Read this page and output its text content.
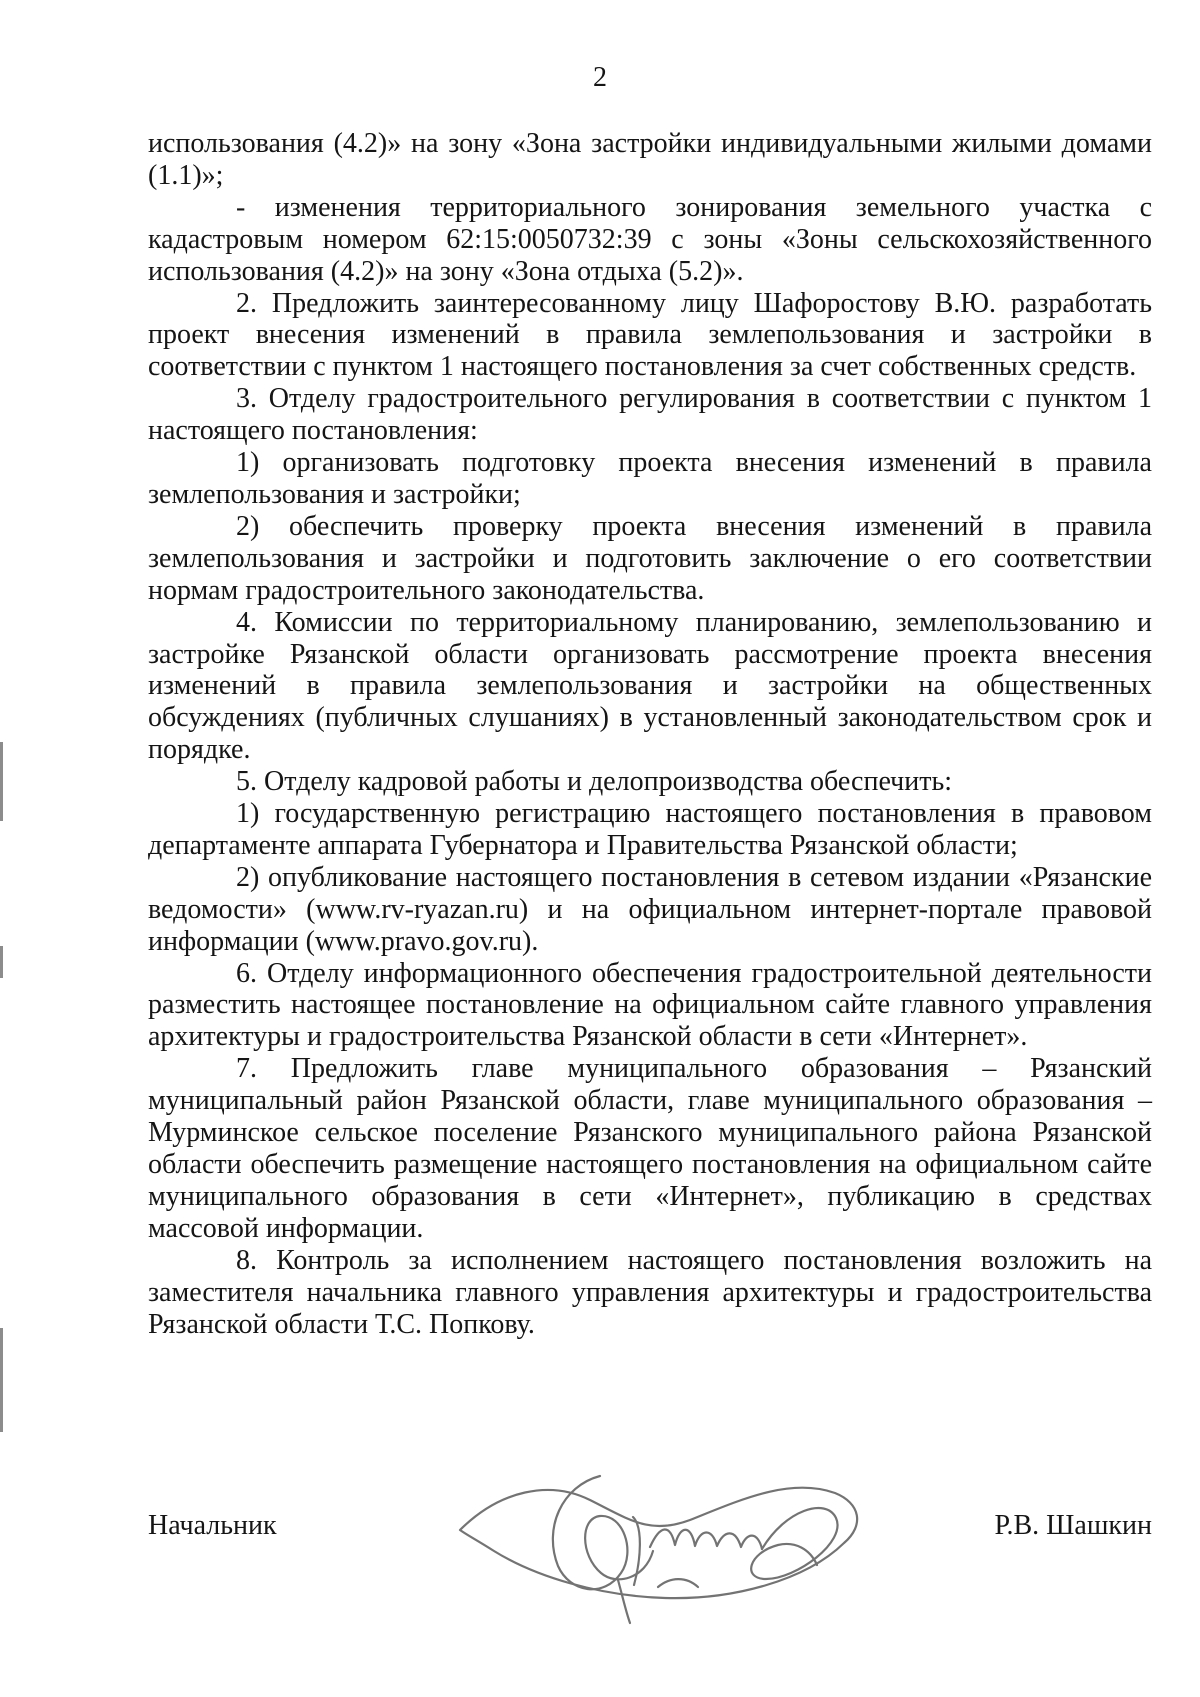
2

использования (4.2)» на зону «Зона застройки индивидуальными жилыми домами (1.1)»;

- изменения территориального зонирования земельного участка с кадастровым номером 62:15:0050732:39 с зоны «Зоны сельскохозяйственного использования (4.2)» на зону «Зона отдыха (5.2)».

2. Предложить заинтересованному лицу Шафоростову В.Ю. разработать проект внесения изменений в правила землепользования и застройки в соответствии с пунктом 1 настоящего постановления за счет собственных средств.

3. Отделу градостроительного регулирования в соответствии с пунктом 1 настоящего постановления:

1) организовать подготовку проекта внесения изменений в правила землепользования и застройки;

2) обеспечить проверку проекта внесения изменений в правила землепользования и застройки и подготовить заключение о его соответствии нормам градостроительного законодательства.

4. Комиссии по территориальному планированию, землепользованию и застройке Рязанской области организовать рассмотрение проекта внесения изменений в правила землепользования и застройки на общественных обсуждениях (публичных слушаниях) в установленный законодательством срок и порядке.

5. Отделу кадровой работы и делопроизводства обеспечить:

1) государственную регистрацию настоящего постановления в правовом департаменте аппарата Губернатора и Правительства Рязанской области;

2) опубликование настоящего постановления в сетевом издании «Рязанские ведомости» (www.rv-ryazan.ru) и на официальном интернет-портале правовой информации (www.pravo.gov.ru).

6. Отделу информационного обеспечения градостроительной деятельности разместить настоящее постановление на официальном сайте главного управления архитектуры и градостроительства Рязанской области в сети «Интернет».

7. Предложить главе муниципального образования – Рязанский муниципальный район Рязанской области, главе муниципального образования – Мурминское сельское поселение Рязанского муниципального района Рязанской области обеспечить размещение настоящего постановления на официальном сайте муниципального образования в сети «Интернет», публикацию в средствах массовой информации.

8. Контроль за исполнением настоящего постановления возложить на заместителя начальника главного управления архитектуры и градостроительства Рязанской области Т.С. Попкову.

Начальник	Р.В. Шашкин
